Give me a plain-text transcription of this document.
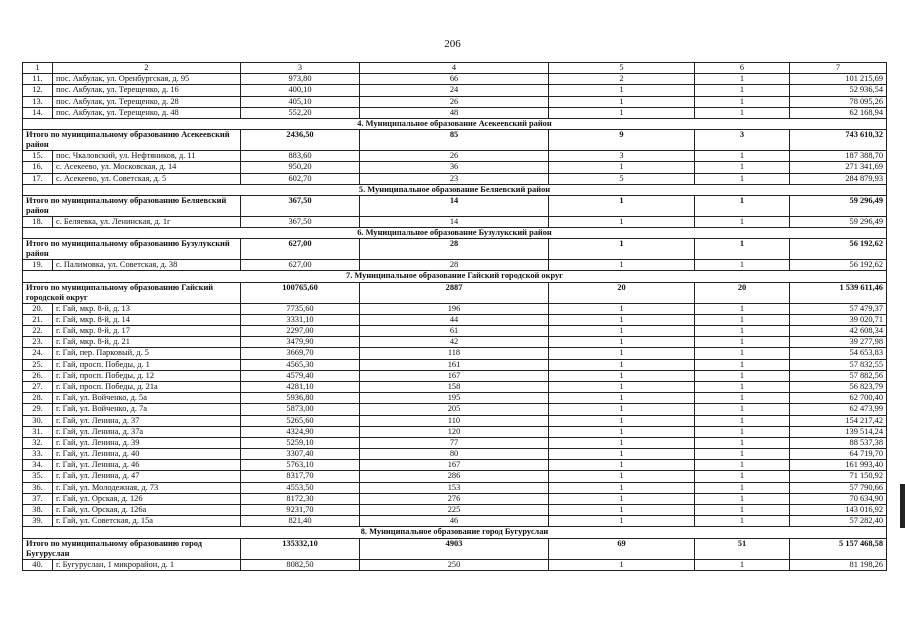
206
1	2	3	4	5	6	7
11.	пос. Акбулак, ул. Оренбургская, д. 95	973,80	66	2	1	101 215,69
12.	пос. Акбулак, ул. Терещенко, д. 16	400,10	24	1	1	52 936,54
13.	пос. Акбулак, ул. Терещенко, д. 28	405,10	26	1	1	78 095,26
14.	пос. Акбулак, ул. Терещенко, д. 48	552,20	48	1	1	62 168,94
4. Муниципальное образование Асекеевский район						
Итого по муниципальному образованию Асекеевский район		2436,50	85	9	3	743 610,32
15.	пос. Чкаловский, ул. Нефтяников, д. 11	883,60	26	3	1	187 388,70
16.	с. Асекеево, ул. Московская, д. 14	950,20	36	1	1	271 341,69
17.	с. Асекеево, ул. Советская, д. 5	602,70	23	5	1	284 879,93
5. Муниципальное образование Беляевский район						
Итого по муниципальному образованию Беляевский район		367,50	14	1	1	59 296,49
18.	с. Беляевка, ул. Ленинская, д. 1г	367,50	14	1	1	59 296,49
6. Муниципальное образование Бузулукский район						
Итого по муниципальному образованию Бузулукский район		627,00	28	1	1	56 192,62
19.	с. Палимовка, ул. Советская, д. 38	627,00	28	1	1	56 192,62
7. Муниципальное образование Гайский городской округ						
Итого по муниципальному образованию Гайский городской округ		100765,60	2887	20	20	1 539 611,46
20.	г. Гай, мкр. 8-й, д. 13	7735,60	196	1	1	57 479,37
21.	г. Гай, мкр. 8-й, д. 14	3331,10	44	1	1	39 020,71
22.	г. Гай, мкр. 8-й, д. 17	2297,00	61	1	1	42 608,34
23.	г. Гай, мкр. 8-й, д. 21	3479,90	42	1	1	39 277,98
24.	г. Гай, пер. Парковый, д. 5	3669,70	118	1	1	54 653,83
25.	г. Гай, просп. Победы, д. 1	4565,30	161	1	1	57 832,55
26.	г. Гай, просп. Победы, д. 12	4579,40	167	1	1	57 882,56
27.	г. Гай, просп. Победы, д. 21а	4281,10	158	1	1	56 823,79
28.	г. Гай, ул. Войченко, д. 5а	5936,80	195	1	1	62 700,40
29.	г. Гай, ул. Войченко, д. 7а	5873,00	205	1	1	62 473,99
30.	г. Гай, ул. Ленина, д. 37	5265,60	110	1	1	154 217,42
31.	г. Гай, ул. Ленина, д. 37а	4324,90	120	1	1	139 514,24
32.	г. Гай, ул. Ленина, д. 39	5259,10	77	1	1	88 537,38
33.	г. Гай, ул. Ленина, д. 40	3307,40	80	1	1	64 719,70
34.	г. Гай, ул. Ленина, д. 46	5763,10	167	1	1	161 993,40
35.	г. Гай, ул. Ленина, д. 47	8317,70	286	1	1	71 150,92
36.	г. Гай, ул. Молодежная, д. 73	4553,50	153	1	1	57 790,66
37.	г. Гай, ул. Орская, д. 126	8172,30	276	1	1	70 634,90
38.	г. Гай, ул. Орская, д. 126а	9231,70	225	1	1	143 016,92
39.	г. Гай, ул. Советская, д. 15а	821,40	46	1	1	57 282,40
8. Муниципальное образование город Бугуруслан						
Итого по муниципальному образованию город Бугуруслан		135332,10	4903	69	51	5 157 468,58
40.	г. Бугуруслан, 1 микрорайон, д. 1	8082,50	250	1	1	81 198,26
